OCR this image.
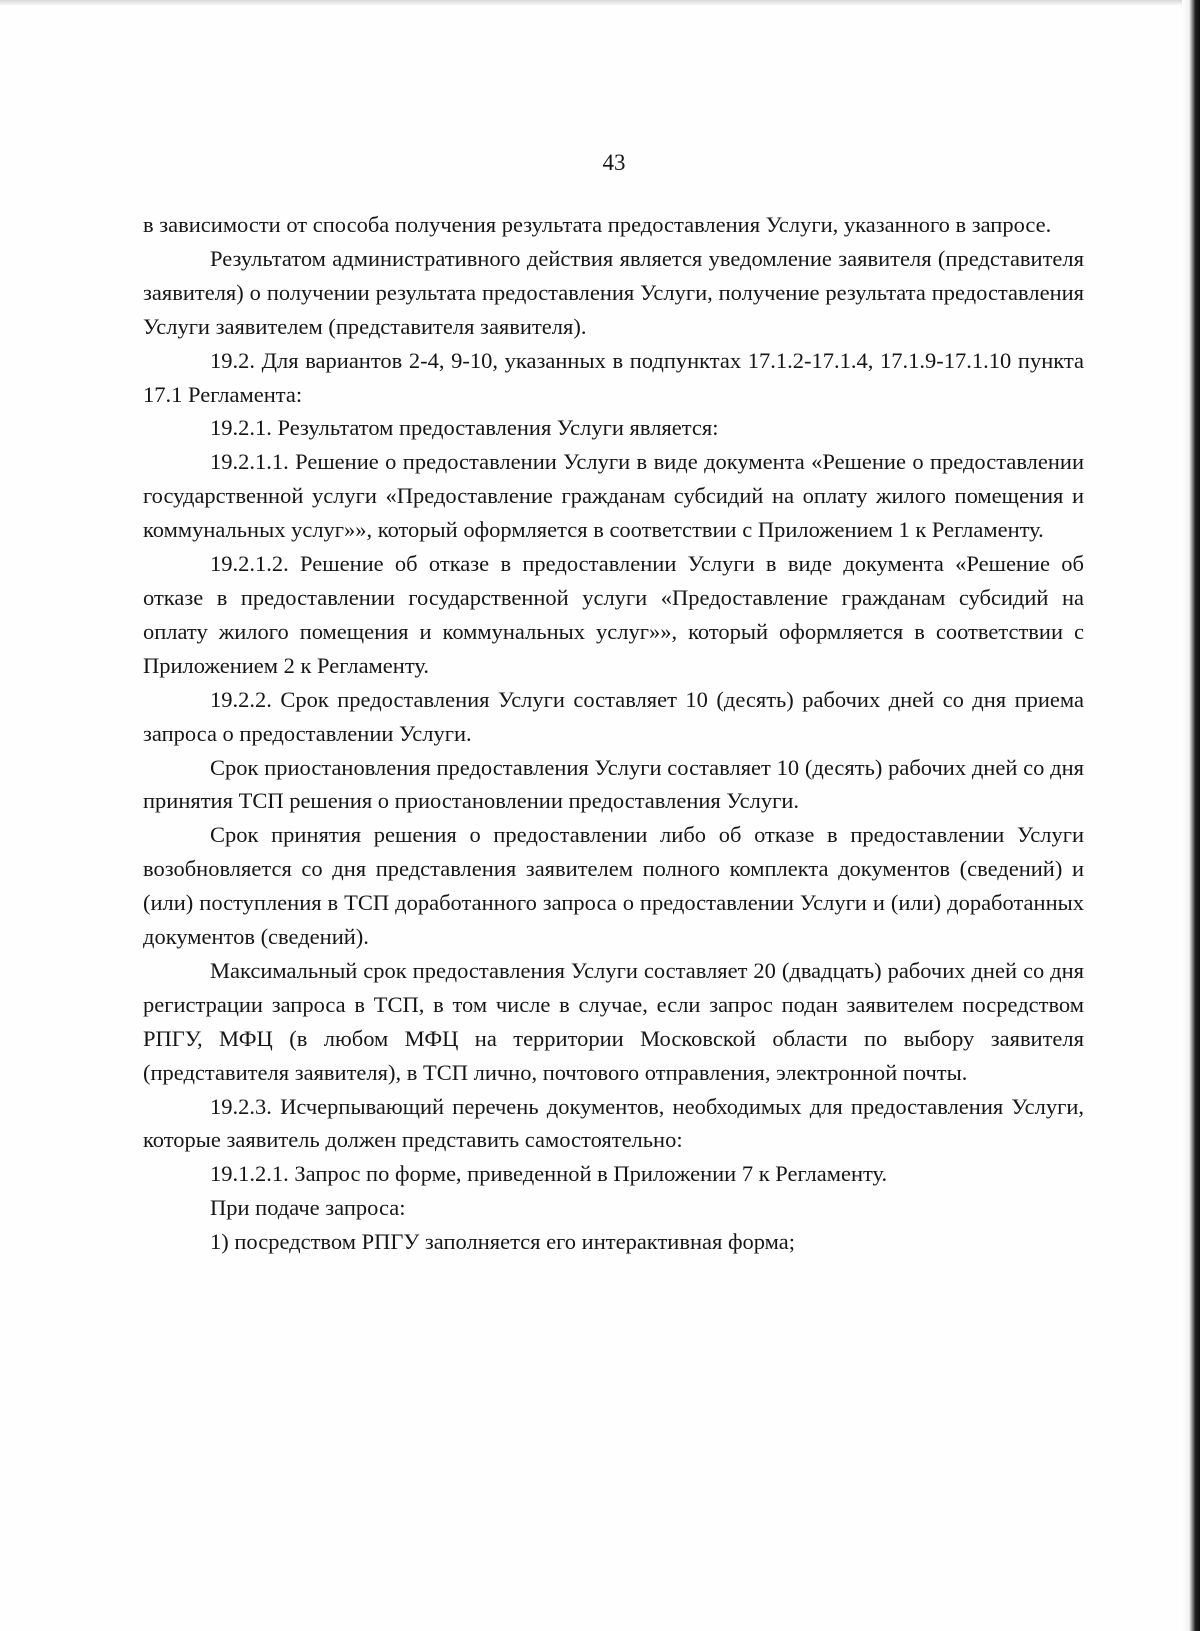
43

в зависимости от способа получения результата предоставления Услуги, указанного в запросе.

Результатом административного действия является уведомление заявителя (представителя заявителя) о получении результата предоставления Услуги, получение результата предоставления Услуги заявителем (представителя заявителя).

19.2. Для вариантов 2-4, 9-10, указанных в подпунктах 17.1.2-17.1.4, 17.1.9-17.1.10 пункта 17.1 Регламента:

19.2.1. Результатом предоставления Услуги является:

19.2.1.1. Решение о предоставлении Услуги в виде документа «Решение о предоставлении государственной услуги «Предоставление гражданам субсидий на оплату жилого помещения и коммунальных услуг»», который оформляется в соответствии с Приложением 1 к Регламенту.

19.2.1.2. Решение об отказе в предоставлении Услуги в виде документа «Решение об отказе в предоставлении государственной услуги «Предоставление гражданам субсидий на оплату жилого помещения и коммунальных услуг»», который оформляется в соответствии с Приложением 2 к Регламенту.

19.2.2. Срок предоставления Услуги составляет 10 (десять) рабочих дней со дня приема запроса о предоставлении Услуги.

Срок приостановления предоставления Услуги составляет 10 (десять) рабочих дней со дня принятия ТСП решения о приостановлении предоставления Услуги.

Срок принятия решения о предоставлении либо об отказе в предоставлении Услуги возобновляется со дня представления заявителем полного комплекта документов (сведений) и (или) поступления в ТСП доработанного запроса о предоставлении Услуги и (или) доработанных документов (сведений).

Максимальный срок предоставления Услуги составляет 20 (двадцать) рабочих дней со дня регистрации запроса в ТСП, в том числе в случае, если запрос подан заявителем посредством РПГУ, МФЦ (в любом МФЦ на территории Московской области по выбору заявителя (представителя заявителя), в ТСП лично, почтового отправления, электронной почты.

19.2.3. Исчерпывающий перечень документов, необходимых для предоставления Услуги, которые заявитель должен представить самостоятельно:

19.1.2.1. Запрос по форме, приведенной в Приложении 7 к Регламенту.

При подаче запроса:

1) посредством РПГУ заполняется его интерактивная форма;
